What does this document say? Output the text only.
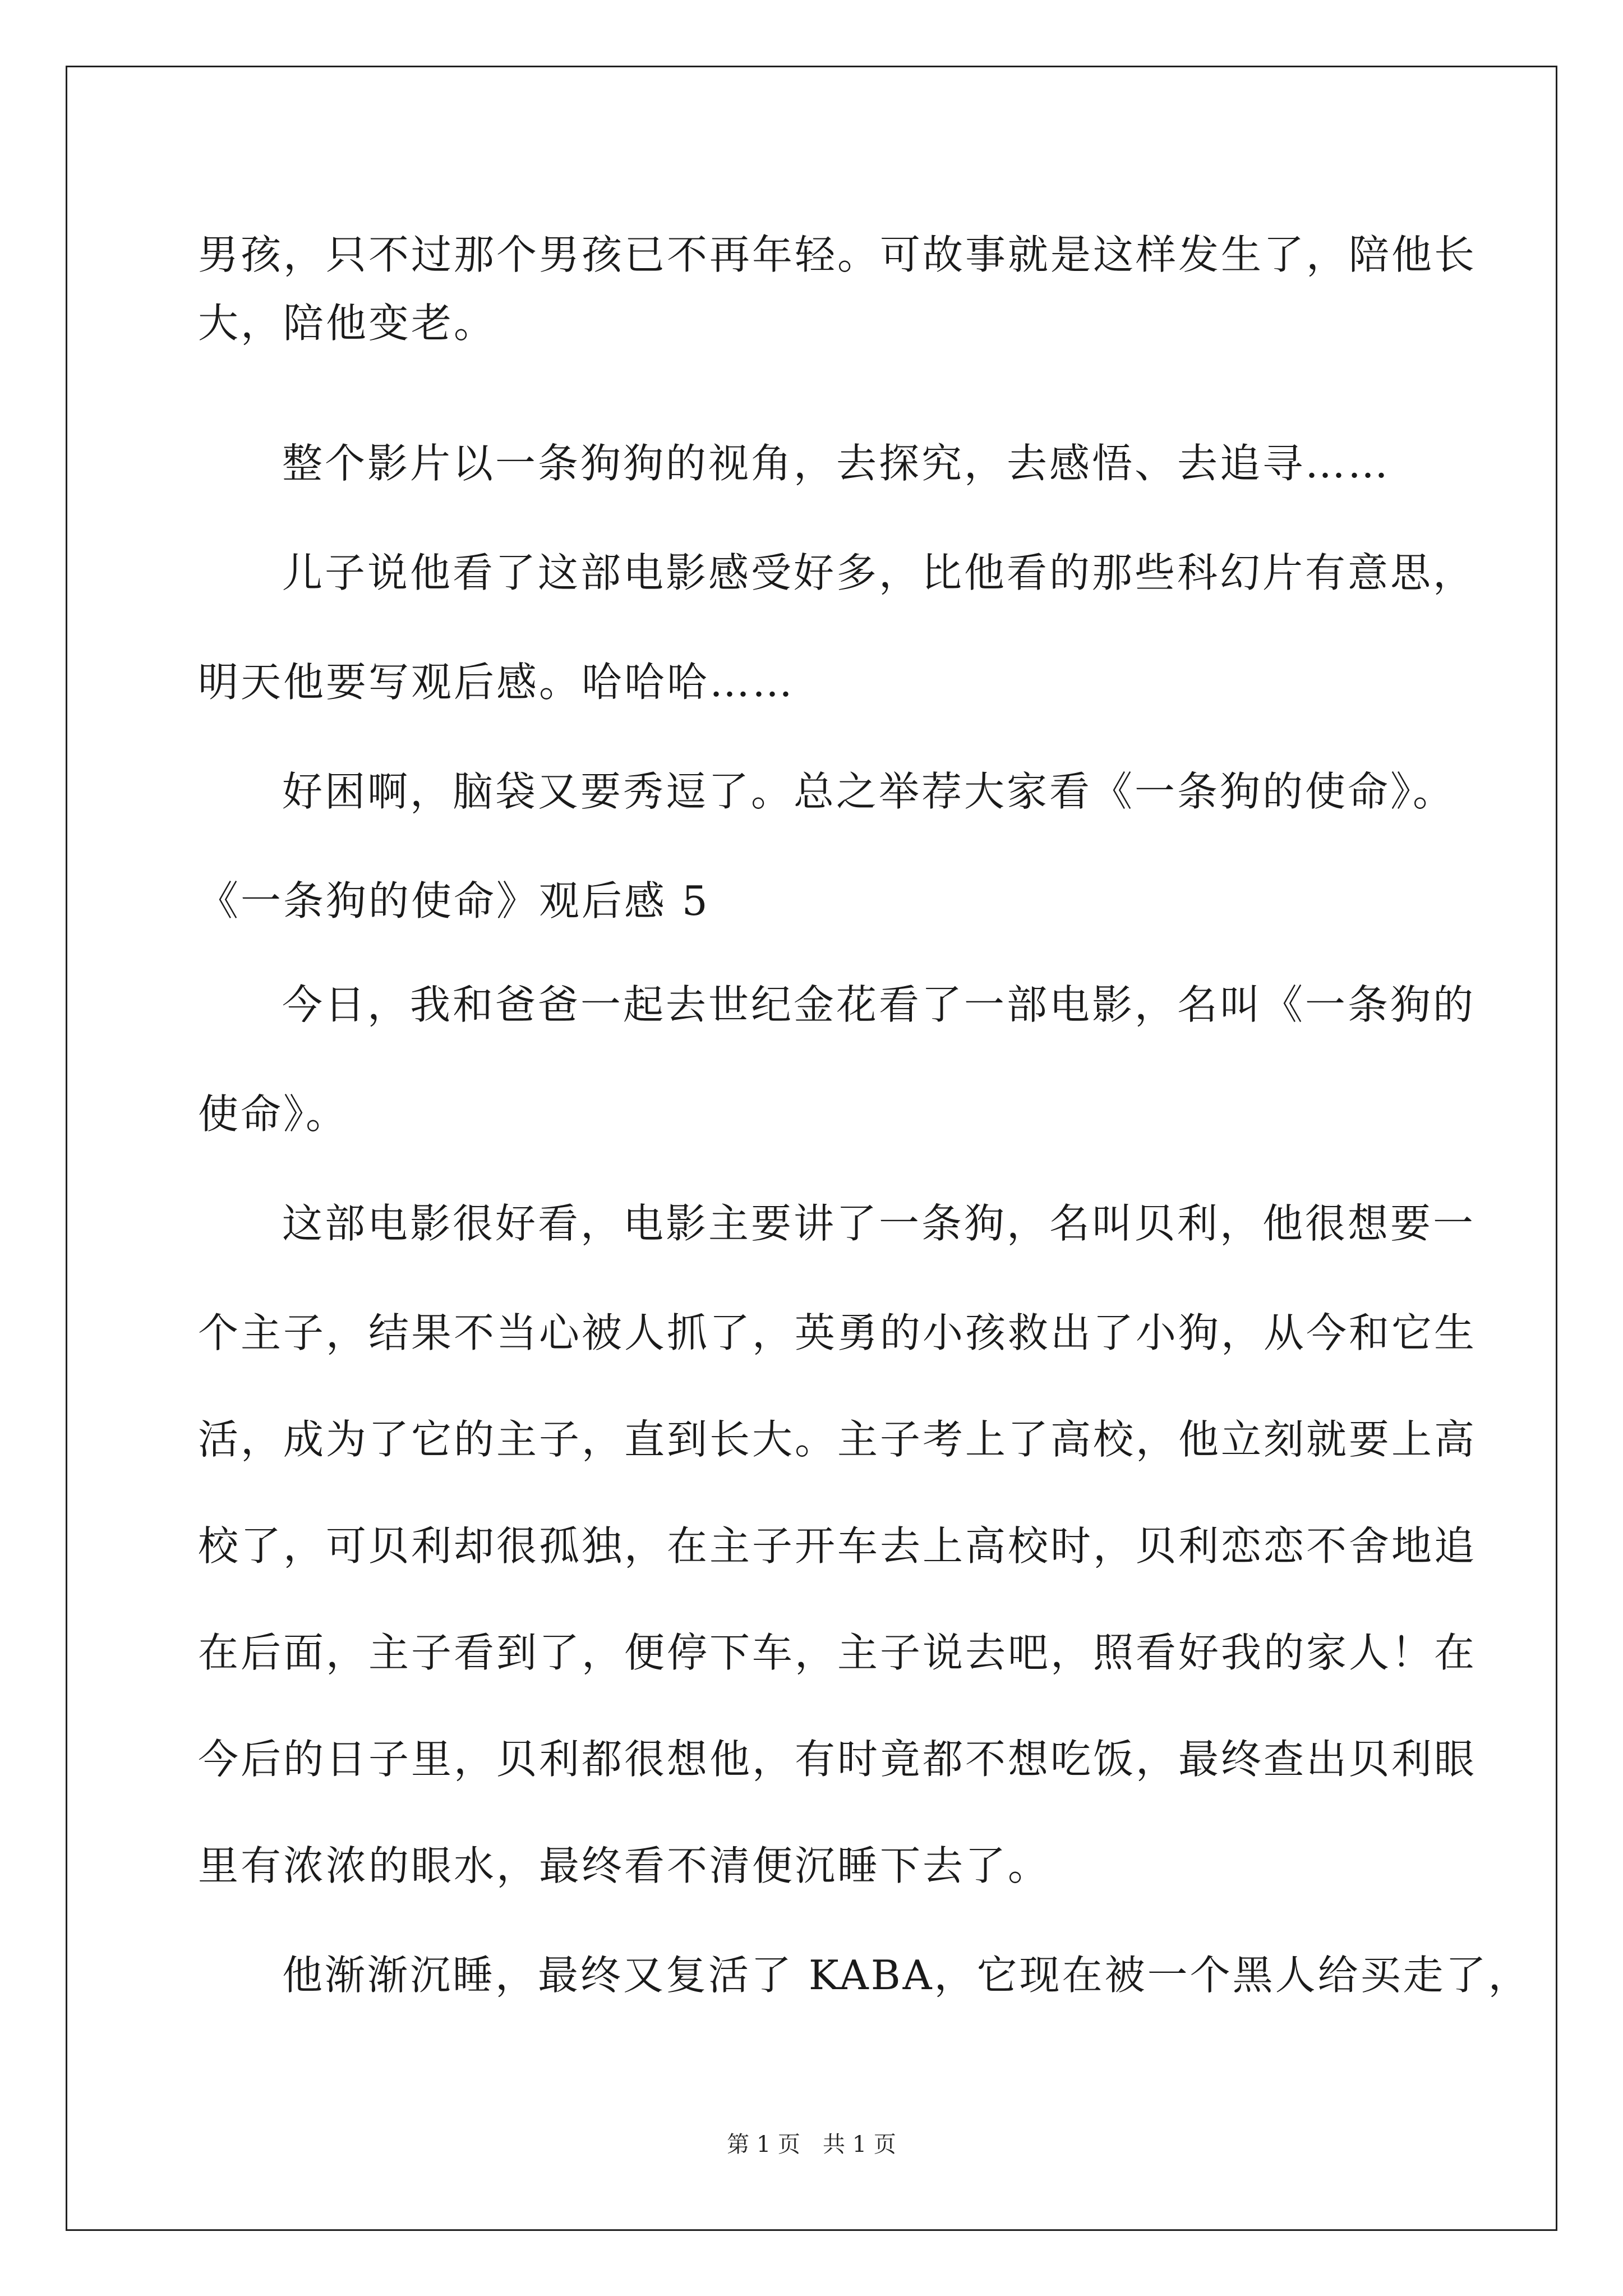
男孩，只不过那个男孩已不再年轻。可故事就是这样发生了，陪他长
大，陪他变老。
整个影片以一条狗狗的视角，去探究，去感悟、去追寻……
儿子说他看了这部电影感受好多，比他看的那些科幻片有意思，
明天他要写观后感。哈哈哈……
好困啊，脑袋又要秀逗了。总之举荐大家看《一条狗的使命》。
《一条狗的使命》观后感 5
今日，我和爸爸一起去世纪金花看了一部电影，名叫《一条狗的
使命》。
这部电影很好看，电影主要讲了一条狗，名叫贝利，他很想要一
个主子，结果不当心被人抓了，英勇的小孩救出了小狗，从今和它生
活，成为了它的主子，直到长大。主子考上了高校，他立刻就要上高
校了，可贝利却很孤独，在主子开车去上高校时，贝利恋恋不舍地追
在后面，主子看到了，便停下车，主子说去吧，照看好我的家人！在
今后的日子里，贝利都很想他，有时竟都不想吃饭，最终查出贝利眼
里有浓浓的眼水，最终看不清便沉睡下去了。
他渐渐沉睡，最终又复活了 KABA，它现在被一个黑人给买走了，
第 1 页　共 1 页
